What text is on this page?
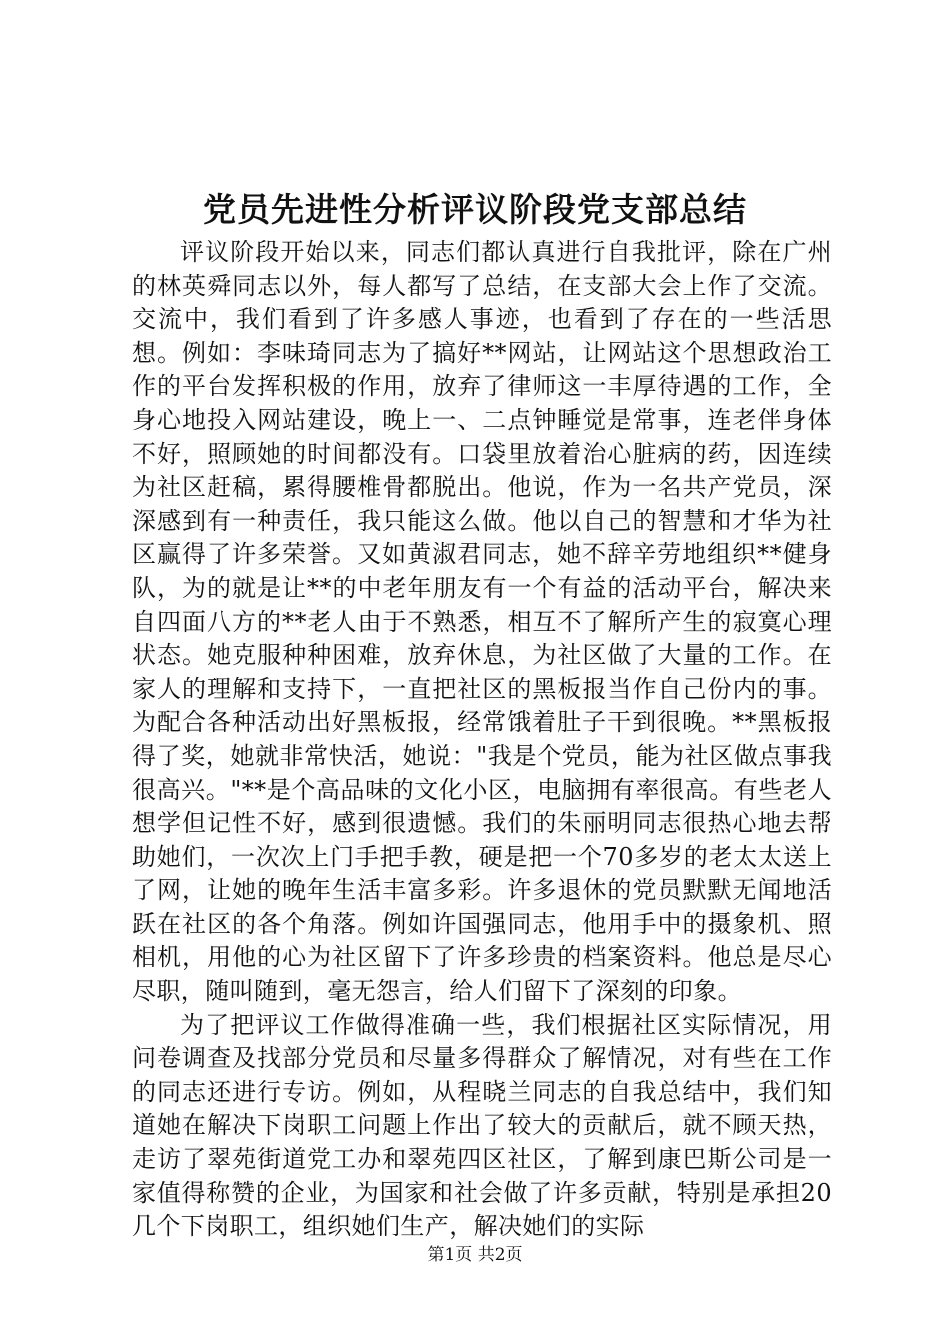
党员先进性分析评议阶段党支部总结

评议阶段开始以来，同志们都认真进行自我批评，除在广州的林英舜同志以外，每人都写了总结，在支部大会上作了交流。交流中，我们看到了许多感人事迹，也看到了存在的一些活思想。例如：李味琦同志为了搞好**网站，让网站这个思想政治工作的平台发挥积极的作用，放弃了律师这一丰厚待遇的工作，全身心地投入网站建设，晚上一、二点钟睡觉是常事，连老伴身体不好，照顾她的时间都没有。口袋里放着治心脏病的药，因连续为社区赶稿，累得腰椎骨都脱出。他说，作为一名共产党员，深深感到有一种责任，我只能这么做。他以自己的智慧和才华为社区赢得了许多荣誉。又如黄淑君同志，她不辞辛劳地组织**健身队，为的就是让**的中老年朋友有一个有益的活动平台，解决来自四面八方的**老人由于不熟悉，相互不了解所产生的寂寞心理状态。她克服种种困难，放弃休息，为社区做了大量的工作。在家人的理解和支持下，一直把社区的黑板报当作自己份内的事。为配合各种活动出好黑板报，经常饿着肚子干到很晚。**黑板报得了奖，她就非常快活，她说："我是个党员，能为社区做点事我很高兴。"**是个高品味的文化小区，电脑拥有率很高。有些老人想学但记性不好，感到很遗憾。我们的朱丽明同志很热心地去帮助她们，一次次上门手把手教，硬是把一个70多岁的老太太送上了网，让她的晚年生活丰富多彩。许多退休的党员默默无闻地活跃在社区的各个角落。例如许国强同志，他用手中的摄象机、照相机，用他的心为社区留下了许多珍贵的档案资料。他总是尽心尽职，随叫随到，毫无怨言，给人们留下了深刻的印象。

为了把评议工作做得准确一些，我们根据社区实际情况，用问卷调查及找部分党员和尽量多得群众了解情况，对有些在工作的同志还进行专访。例如，从程晓兰同志的自我总结中，我们知道她在解决下岗职工问题上作出了较大的贡献后，就不顾天热，走访了翠苑街道党工办和翠苑四区社区，了解到康巴斯公司是一家值得称赞的企业，为国家和社会做了许多贡献，特别是承担20几个下岗职工，组织她们生产，解决她们的实际

第1页 共2页
